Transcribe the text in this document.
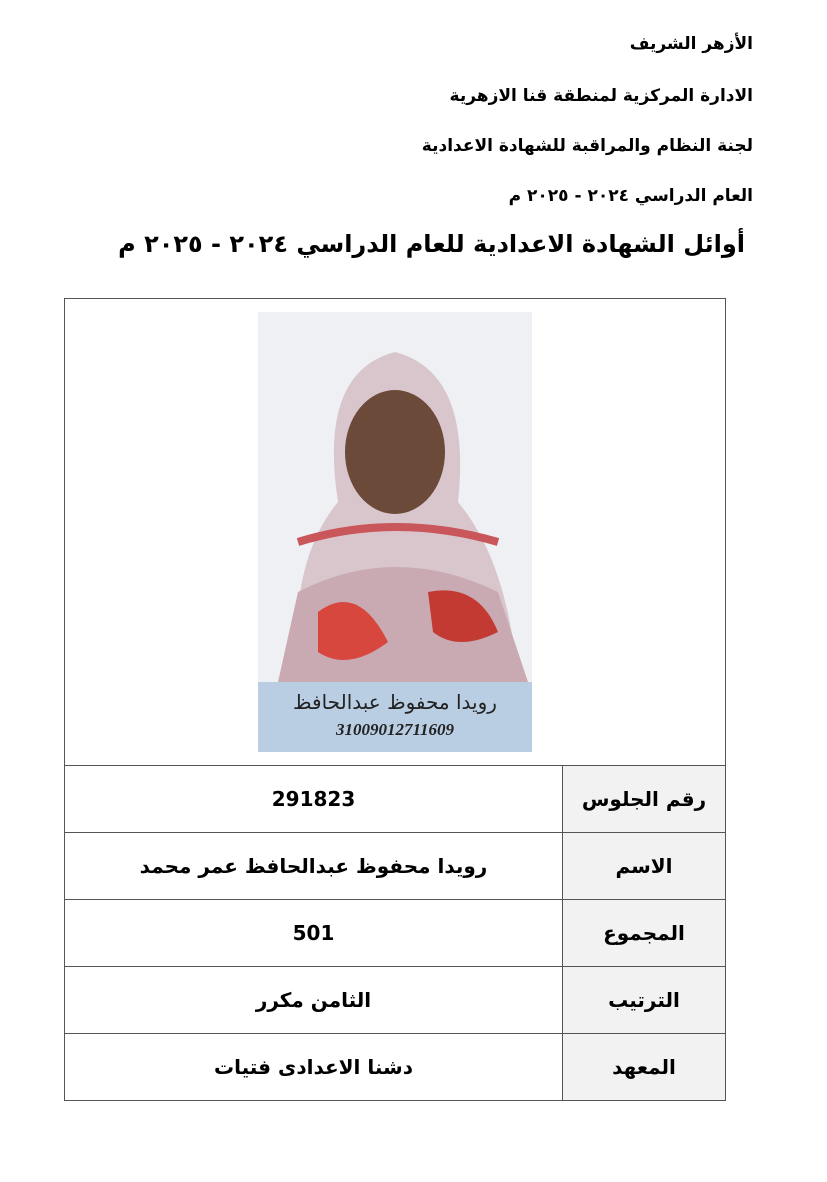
الأزهر الشريف
الادارة المركزية لمنطقة قنا الازهرية
لجنة النظام والمراقبة للشهادة الاعدادية
العام الدراسي ٢٠٢٤ - ٢٠٢٥ م
أوائل الشهادة الاعدادية للعام الدراسي ٢٠٢٤ - ٢٠٢٥ م
رويدا محفوظ عبدالحافظ
31009012711609	

رقم الجلوس	291823
الاسم	رويدا محفوظ عبدالحافظ عمر محمد
المجموع	501
الترتيب	الثامن مكرر
المعهد	دشنا الاعدادى فتيات
